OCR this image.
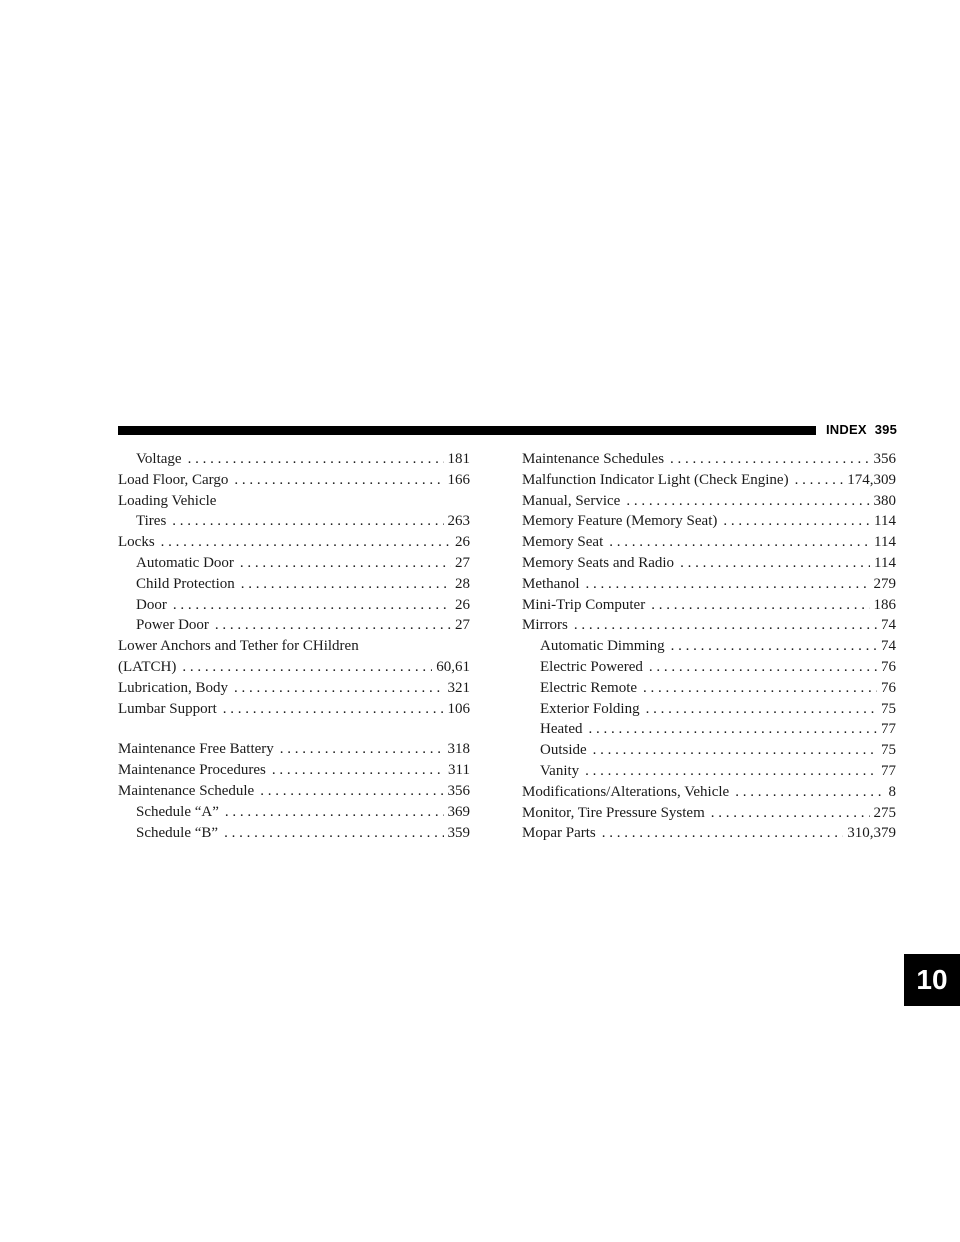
INDEX 395
Voltage . . .	181
Load Floor, Cargo . . .	166
Loading Vehicle
Tires . . .	263
Locks . . .	26
Automatic Door . . .	27
Child Protection . . .	28
Door . . .	26
Power Door . . .	27
Lower Anchors and Tether for CHildren
(LATCH) . . .	60,61
Lubrication, Body . . .	321
Lumbar Support . . .	106
Maintenance Free Battery . . .	318
Maintenance Procedures . . .	311
Maintenance Schedule . . .	356
Schedule “A” . . .	369
Schedule “B” . . .	359
Maintenance Schedules . . .	356
Malfunction Indicator Light (Check Engine) . . .	174,309
Manual, Service . . .	380
Memory Feature (Memory Seat) . . .	114
Memory Seat . . .	114
Memory Seats and Radio . . .	114
Methanol . . .	279
Mini-Trip Computer . . .	186
Mirrors . . .	74
Automatic Dimming . . .	74
Electric Powered . . .	76
Electric Remote . . .	76
Exterior Folding . . .	75
Heated . . .	77
Outside . . .	75
Vanity . . .	77
Modifications/Alterations, Vehicle . . .	8
Monitor, Tire Pressure System . . .	275
Mopar Parts . . .	310,379
10
